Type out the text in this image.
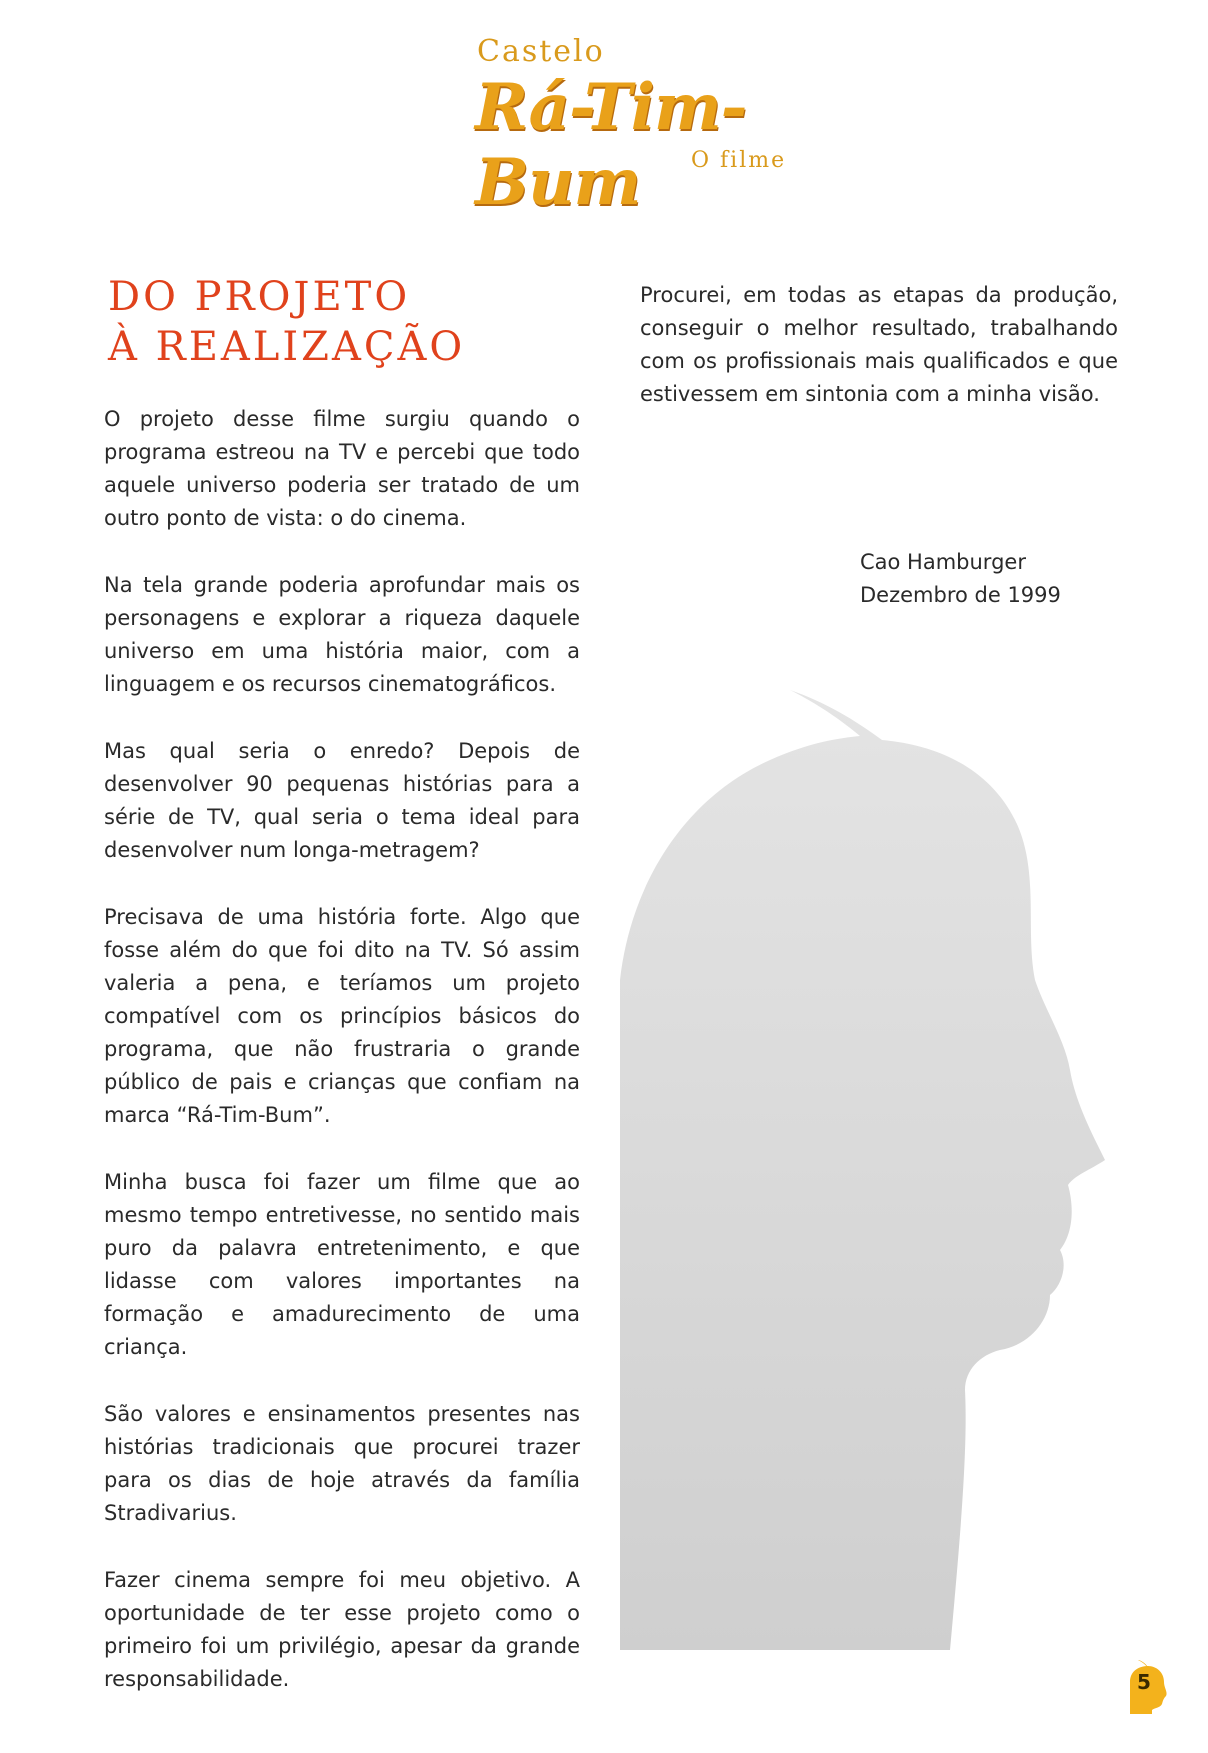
Castelo
Rá-Tim-Bum	O filme
DO PROJETO
À REALIZAÇÃO

O projeto desse filme surgiu quando o programa estreou na TV e percebi que todo aquele universo poderia ser tratado de um outro ponto de vista: o do cinema.

Na tela grande poderia aprofundar mais os personagens e explorar a riqueza daquele universo em uma história maior, com a linguagem e os recursos cinematográficos.

Mas qual seria o enredo? Depois de desenvolver 90 pequenas histórias para a série de TV, qual seria o tema ideal para desenvolver num longa-metragem?

Precisava de uma história forte. Algo que fosse além do que foi dito na TV. Só assim valeria a pena, e teríamos um projeto compatível com os princípios básicos do programa, que não frustraria o grande público de pais e crianças que confiam na marca “Rá-Tim-Bum”.

Minha busca foi fazer um filme que ao mesmo tempo entretivesse, no sentido mais puro da palavra entretenimento, e que lidasse com valores importantes na formação e amadurecimento de uma criança.

São valores e ensinamentos presentes nas histórias tradicionais que procurei trazer para os dias de hoje através da família Stradivarius.

Fazer cinema sempre foi meu objetivo. A oportunidade de ter esse projeto como o primeiro foi um privilégio, apesar da grande responsabilidade.

Procurei, em todas as etapas da produção, conseguir o melhor resultado, trabalhando com os profissionais mais qualificados e que estivessem em sintonia com a minha visão.

Cao Hamburger
Dezembro de 1999
5
